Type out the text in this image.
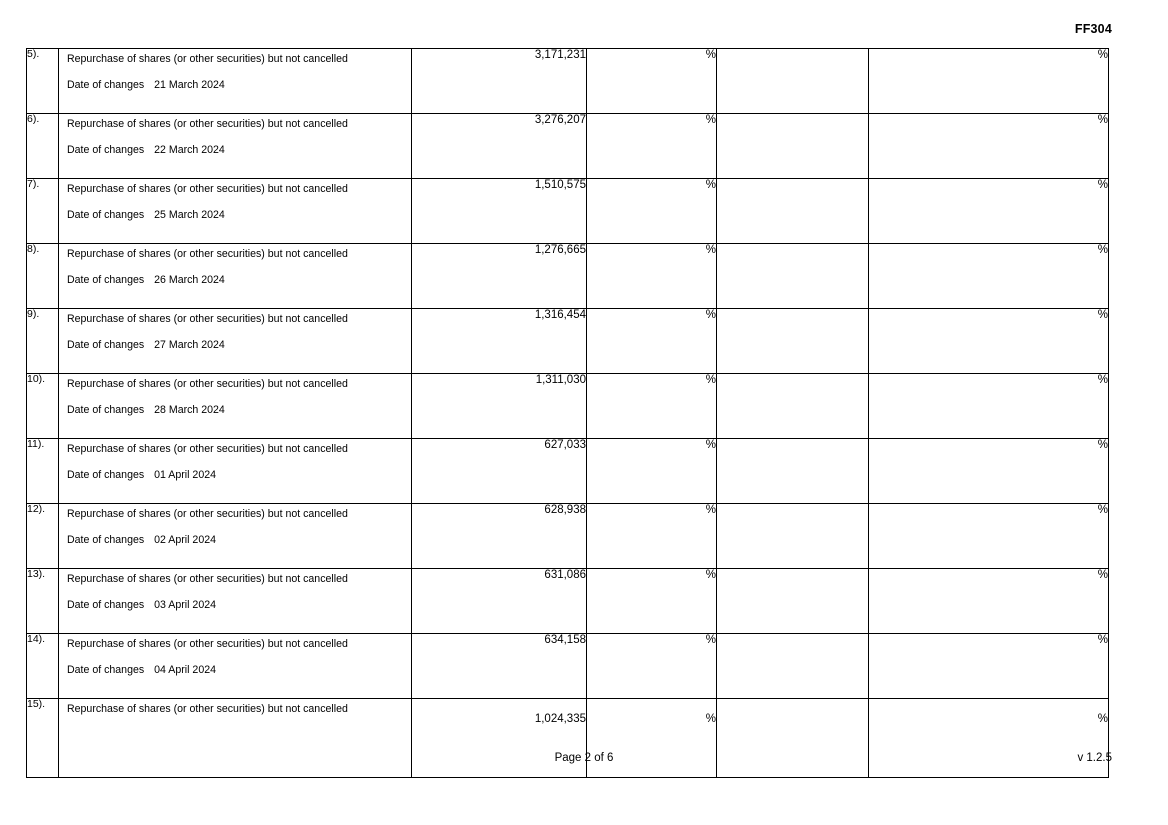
FF304
5).	Repurchase of shares (or other securities) but not cancelled
Date of changes 21 March 2024	3,171,231	%		%
6).	Repurchase of shares (or other securities) but not cancelled
Date of changes 22 March 2024	3,276,207	%		%
7).	Repurchase of shares (or other securities) but not cancelled
Date of changes 25 March 2024	1,510,575	%		%
8).	Repurchase of shares (or other securities) but not cancelled
Date of changes 26 March 2024	1,276,665	%		%
9).	Repurchase of shares (or other securities) but not cancelled
Date of changes 27 March 2024	1,316,454	%		%
10).	Repurchase of shares (or other securities) but not cancelled
Date of changes 28 March 2024	1,311,030	%		%
11).	Repurchase of shares (or other securities) but not cancelled
Date of changes 01 April 2024	627,033	%		%
12).	Repurchase of shares (or other securities) but not cancelled
Date of changes 02 April 2024	628,938	%		%
13).	Repurchase of shares (or other securities) but not cancelled
Date of changes 03 April 2024	631,086	%		%
14).	Repurchase of shares (or other securities) but not cancelled
Date of changes 04 April 2024	634,158	%		%
15).	Repurchase of shares (or other securities) but not cancelled	1,024,335	%		%
Page 2 of 6	v 1.2.5
